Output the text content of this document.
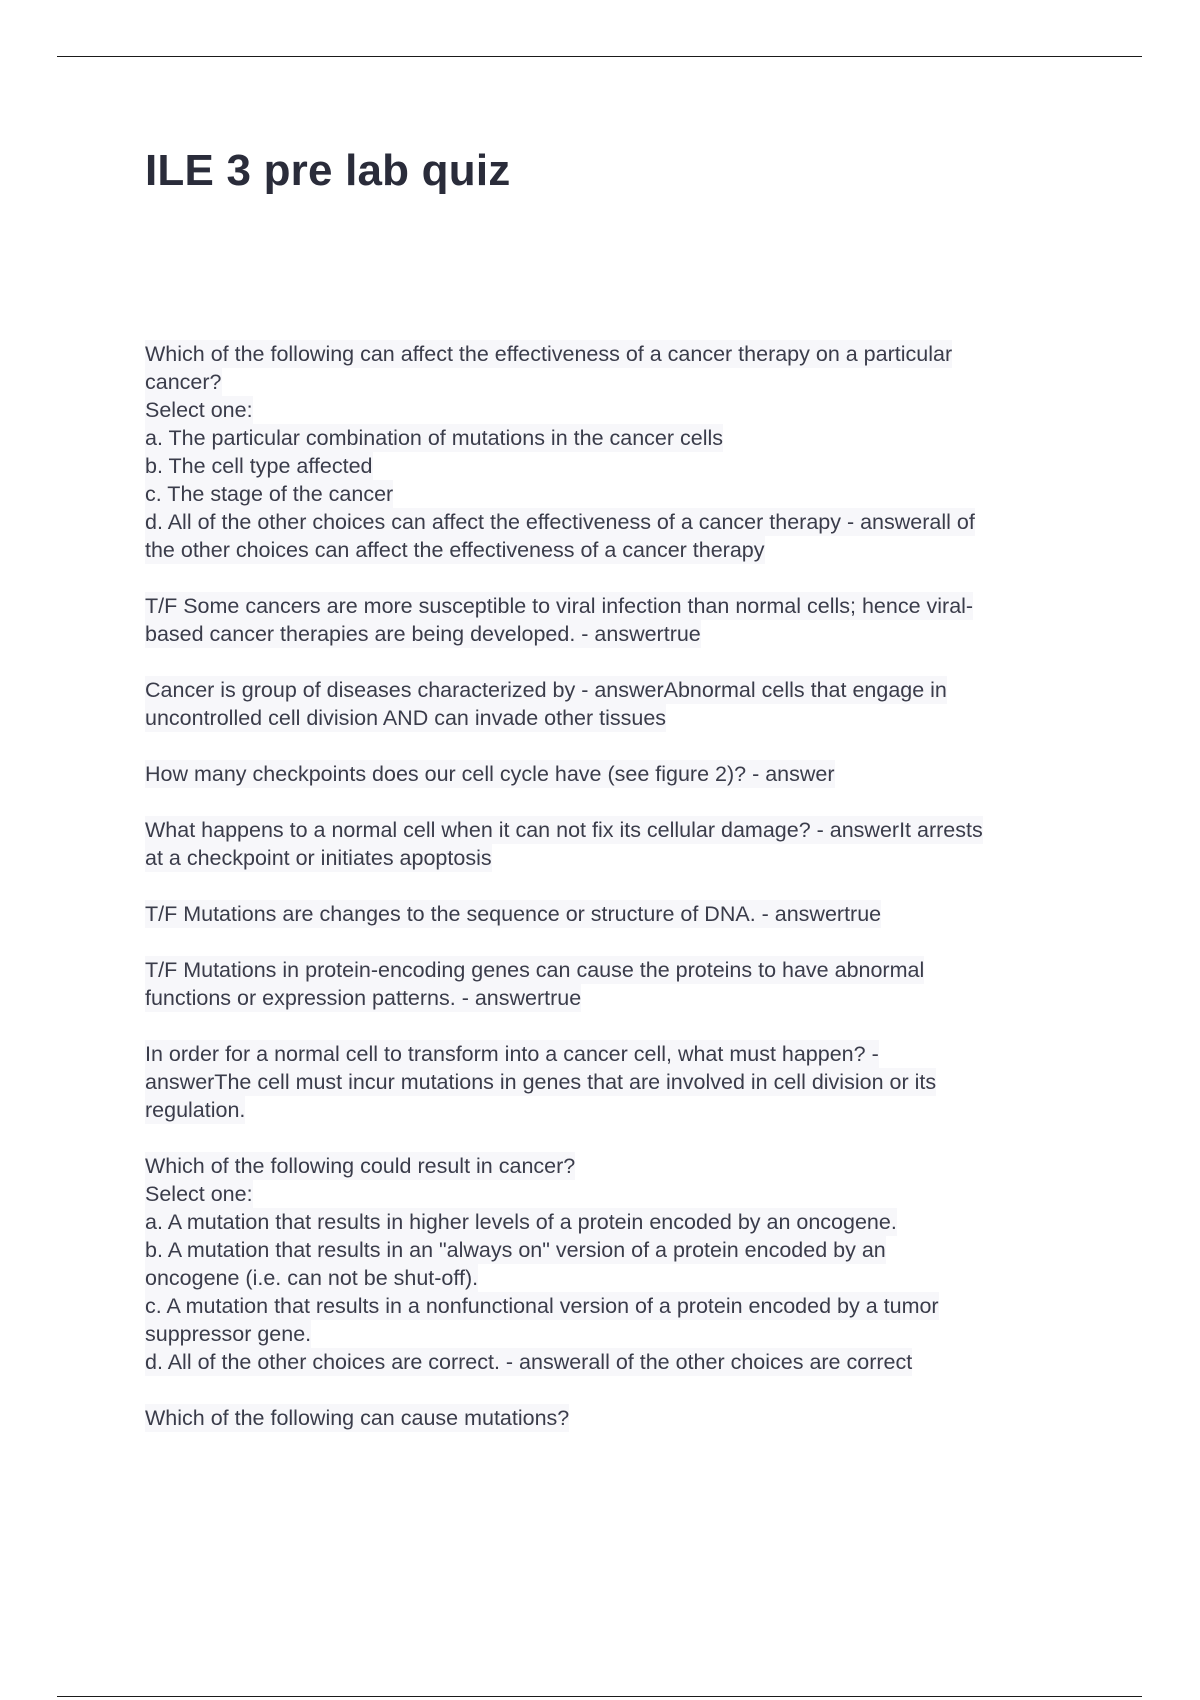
ILE 3 pre lab quiz
Which of the following can affect the effectiveness of a cancer therapy on a particular
cancer?
Select one:
a. The particular combination of mutations in the cancer cells
b. The cell type affected
c. The stage of the cancer
d. All of the other choices can affect the effectiveness of a cancer therapy - answerall of
the other choices can affect the effectiveness of a cancer therapy
T/F Some cancers are more susceptible to viral infection than normal cells; hence viral-
based cancer therapies are being developed. - answertrue
Cancer is group of diseases characterized by - answerAbnormal cells that engage in
uncontrolled cell division AND can invade other tissues
How many checkpoints does our cell cycle have (see figure 2)? - answer
What happens to a normal cell when it can not fix its cellular damage? - answerIt arrests
at a checkpoint or initiates apoptosis
T/F Mutations are changes to the sequence or structure of DNA. - answertrue
T/F Mutations in protein-encoding genes can cause the proteins to have abnormal
functions or expression patterns. - answertrue
In order for a normal cell to transform into a cancer cell, what must happen? -
answerThe cell must incur mutations in genes that are involved in cell division or its
regulation.
Which of the following could result in cancer?
Select one:
a. A mutation that results in higher levels of a protein encoded by an oncogene.
b. A mutation that results in an "always on" version of a protein encoded by an
oncogene (i.e. can not be shut-off).
c. A mutation that results in a nonfunctional version of a protein encoded by a tumor
suppressor gene.
d. All of the other choices are correct. - answerall of the other choices are correct
Which of the following can cause mutations?
